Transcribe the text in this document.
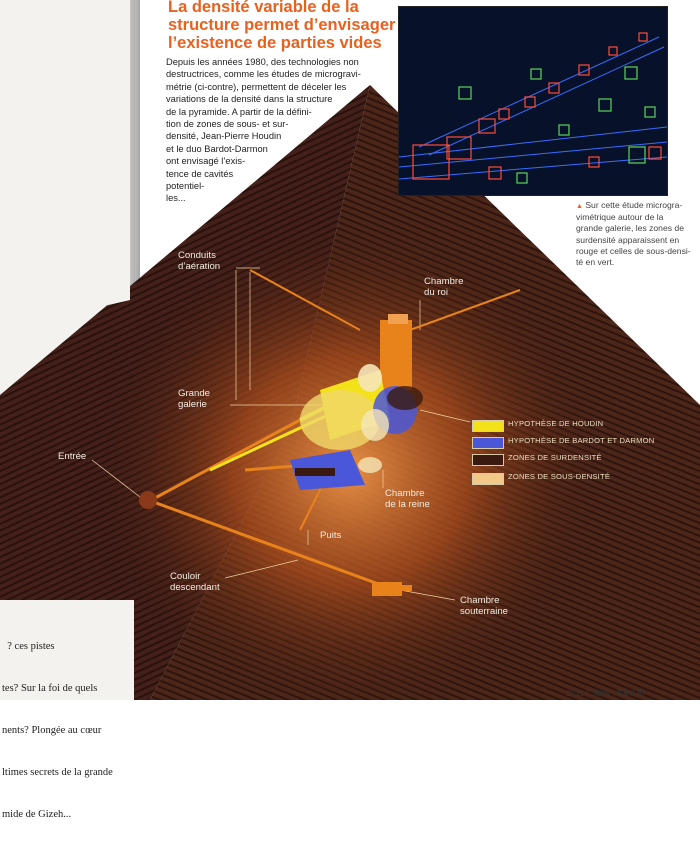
La densité variable de la
structure permet d’envisager
l’existence de parties vides
Depuis les années 1980, des technologies non
destructrices, comme les études de microgravi-
métrie (ci-contre), permettent de déceler les
variations de la densité dans la structure
de la pyramide. A partir de la défini-
tion de zones de sous- et sur-
densité, Jean-Pierre Houdin
et le duo Bardot-Darmon
ont envisagé l’exis-
tence de cavités
potentiel-
les...
▲ Sur cette étude microgra-
vimétrique autour de la
grande galerie, les zones de
surdensité apparaissent en
rouge et celles de sous-densi-
té en vert.
Conduits
d’aération
Chambre
du roi
Grande
galerie
Entrée
Chambre
de la reine
Puits
Couloir
descendant
Chambre
souterraine
HYPOTHÈSE DE HOUDIN
HYPOTHÈSE DE BARDOT ET DARMON
ZONES DE SURDENSITÉ
ZONES DE SOUS-DENSITÉ

? ces pistes

tes? Sur la foi de quels

nents? Plongée au cœur

ltimes secrets de la grande

mide de Gizeh...

2011 | JUIN | S&V 87
